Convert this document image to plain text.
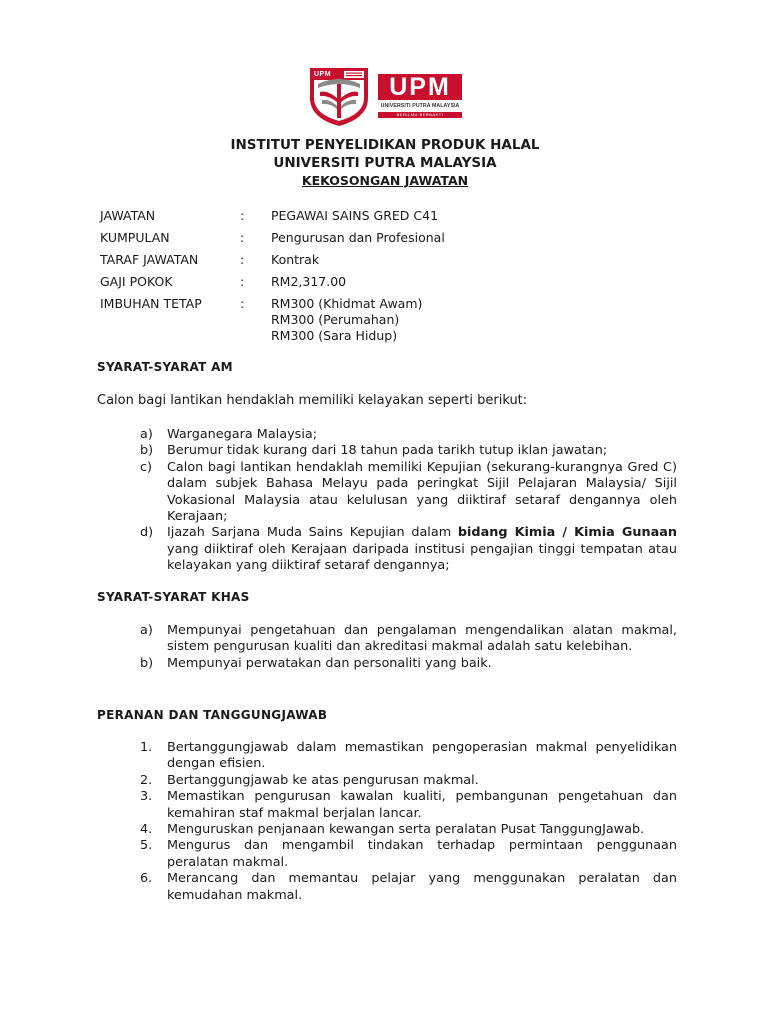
UPM	UPM
UNIVERSITI PUTRA MALAYSIA
BERILMU BERBAKTI
INSTITUT PENYELIDIKAN PRODUK HALAL
UNIVERSITI PUTRA MALAYSIA
KEKOSONGAN JAWATAN
JAWATAN	: PEGAWAI SAINS GRED C41
KUMPULAN	: Pengurusan dan Profesional
TARAF JAWATAN	: Kontrak
GAJI POKOK	: RM2,317.00
IMBUHAN TETAP	: RM300 (Khidmat Awam)
RM300 (Perumahan)
RM300 (Sara Hidup)
SYARAT-SYARAT AM
Calon bagi lantikan hendaklah memiliki kelayakan seperti berikut:
a) Warganegara Malaysia;
b) Berumur tidak kurang dari 18 tahun pada tarikh tutup iklan jawatan;
c) Calon bagi lantikan hendaklah memiliki Kepujian (sekurang-kurangnya Gred C) dalam subjek Bahasa Melayu pada peringkat Sijil Pelajaran Malaysia/ Sijil Vokasional Malaysia atau kelulusan yang diiktiraf setaraf dengannya oleh Kerajaan;
d) Ijazah Sarjana Muda Sains Kepujian dalam bidang Kimia / Kimia Gunaan yang diiktiraf oleh Kerajaan daripada institusi pengajian tinggi tempatan atau kelayakan yang diiktiraf setaraf dengannya;
SYARAT-SYARAT KHAS
a) Mempunyai pengetahuan dan pengalaman mengendalikan alatan makmal, sistem pengurusan kualiti dan akreditasi makmal adalah satu kelebihan.
b) Mempunyai perwatakan dan personaliti yang baik.
PERANAN DAN TANGGUNGJAWAB
1. Bertanggungjawab dalam memastikan pengoperasian makmal penyelidikan dengan efisien.
2. Bertanggungjawab ke atas pengurusan makmal.
3. Memastikan pengurusan kawalan kualiti, pembangunan pengetahuan dan kemahiran staf makmal berjalan lancar.
4. Menguruskan penjanaan kewangan serta peralatan Pusat TanggungJawab.
5. Mengurus dan mengambil tindakan terhadap permintaan penggunaan peralatan makmal.
6. Merancang dan memantau pelajar yang menggunakan peralatan dan kemudahan makmal.
